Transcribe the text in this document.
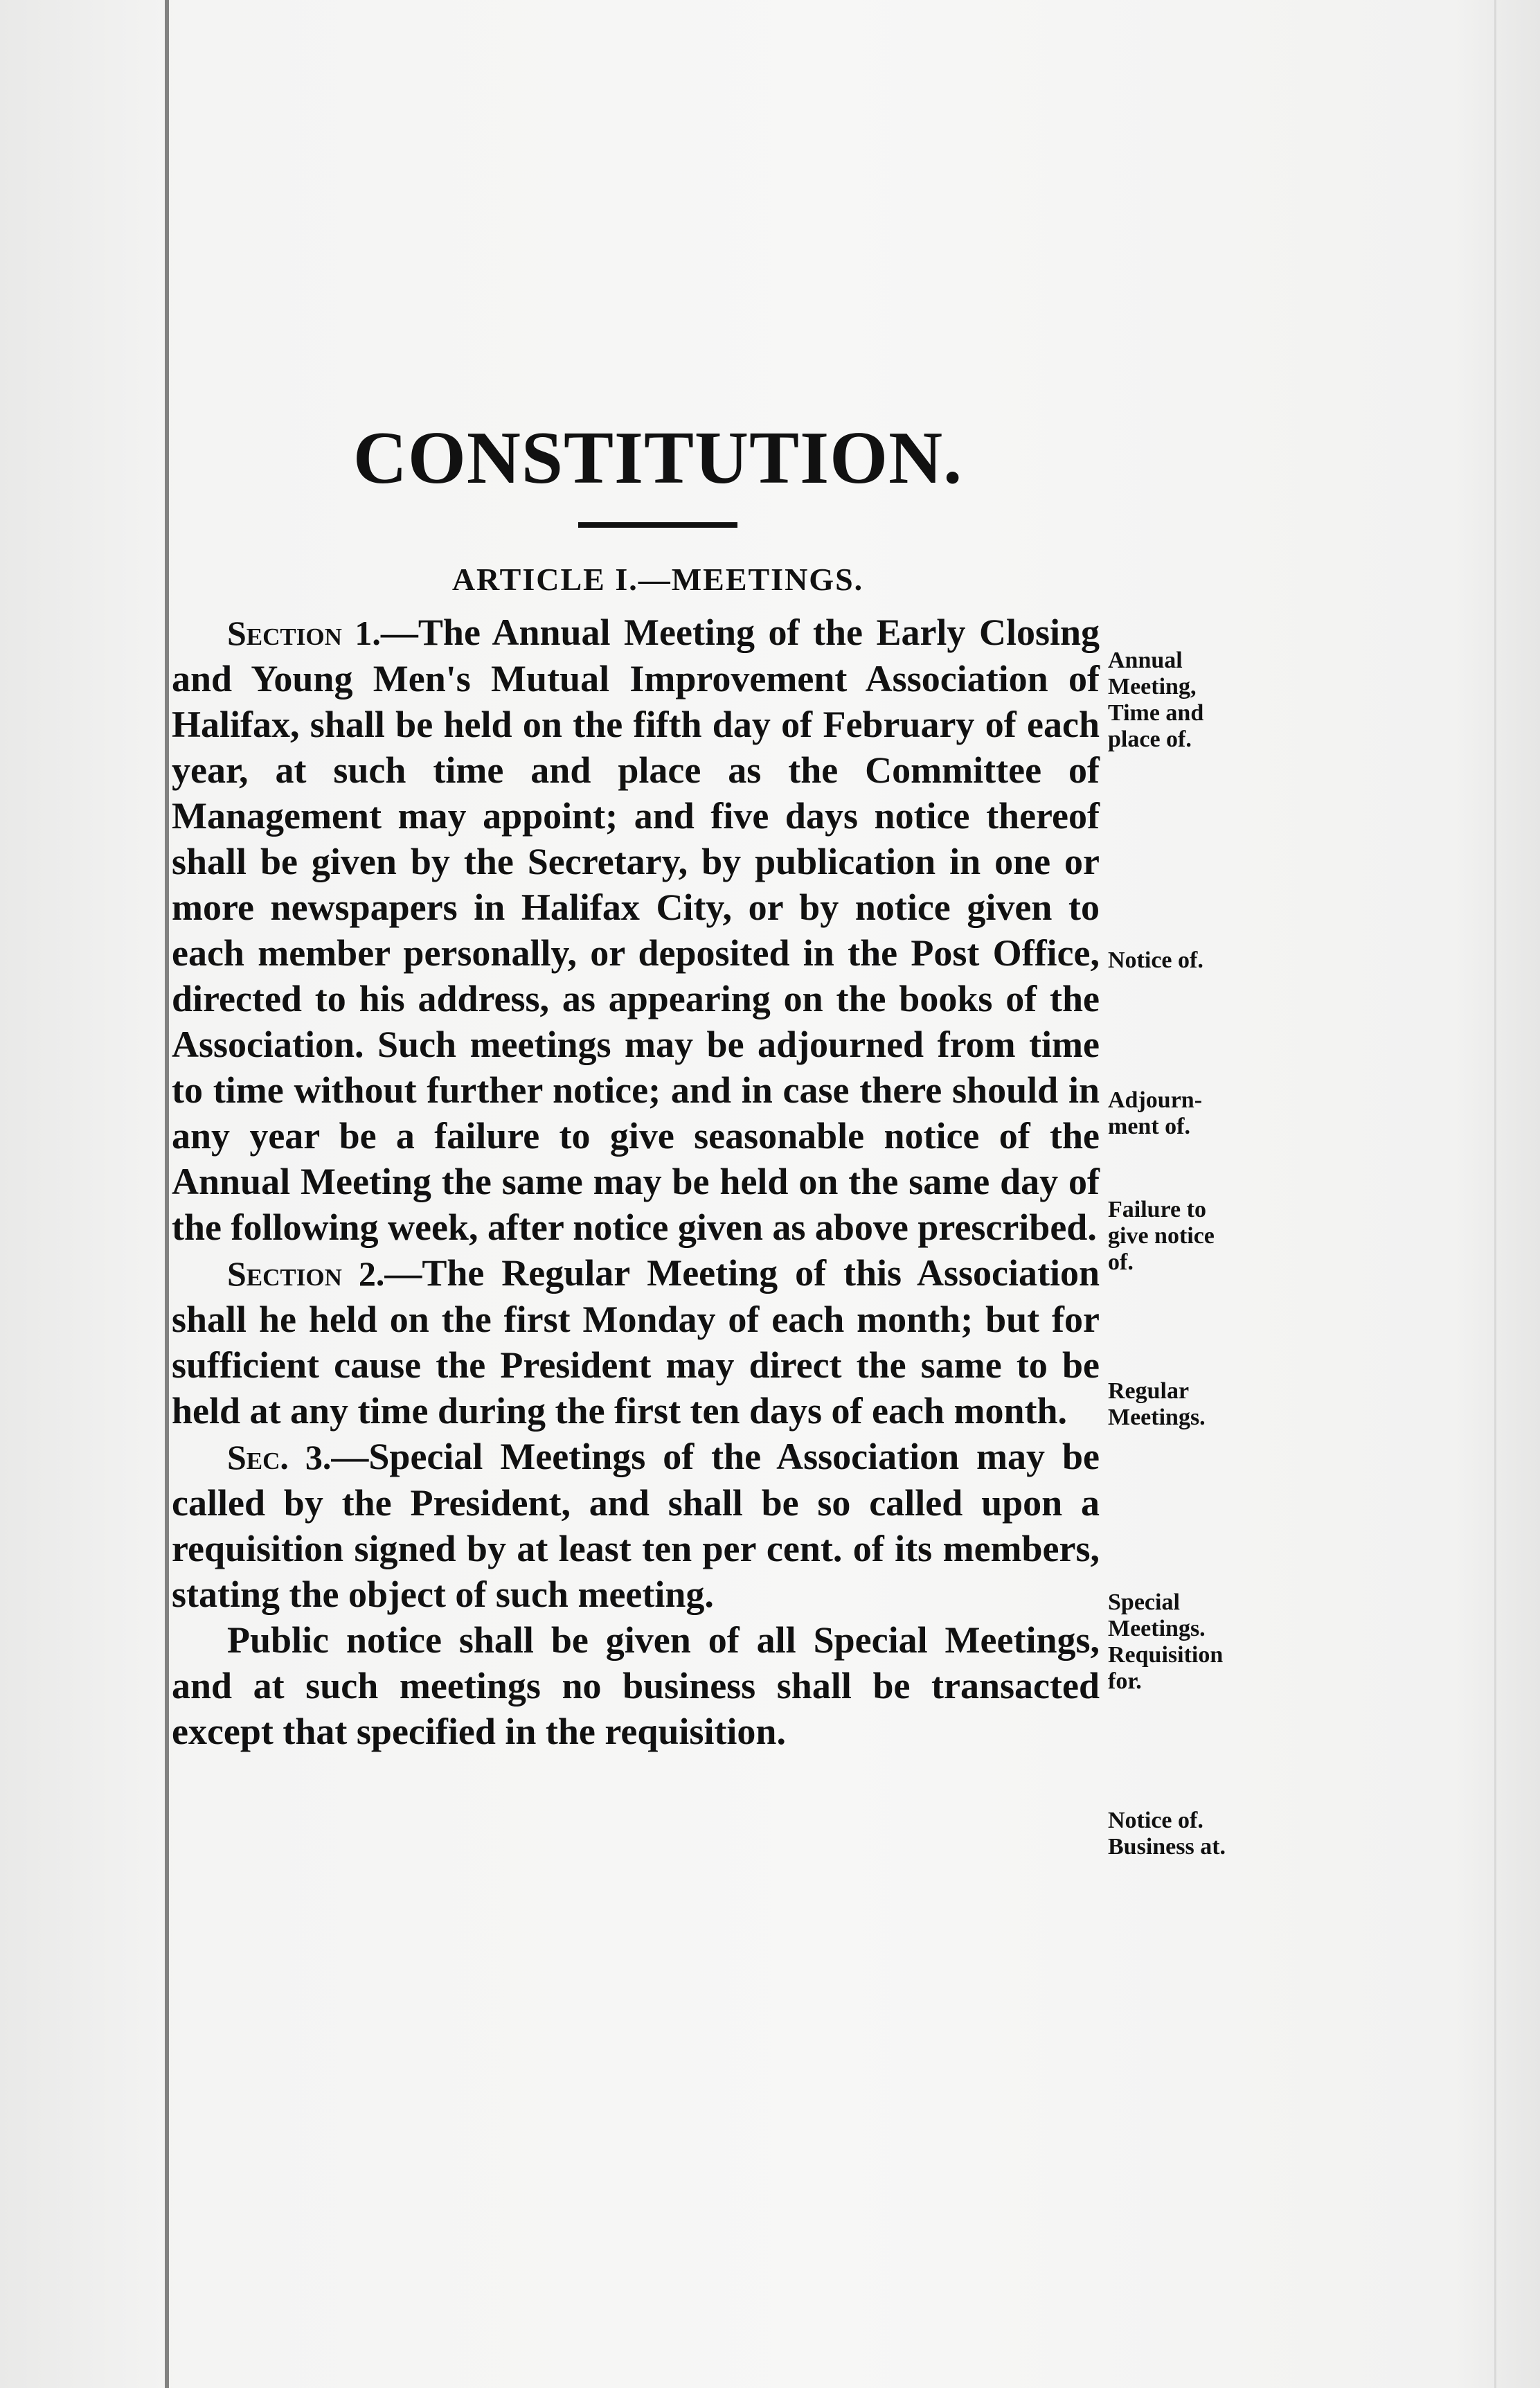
CONSTITUTION.
ARTICLE I.—MEETINGS.

Section 1.—The Annual Meeting of the Early Closing and Young Men's Mutual Improvement Association of Halifax, shall be held on the fifth day of February of each year, at such time and place as the Committee of Management may appoint; and five days notice thereof shall be given by the Secretary, by publication in one or more newspapers in Halifax City, or by notice given to each member personally, or deposited in the Post Office, directed to his address, as appearing on the books of the Association. Such meetings may be adjourned from time to time without further notice; and in case there should in any year be a failure to give seasonable notice of the Annual Meeting the same may be held on the same day of the following week, after notice given as above prescribed.

Section 2.—The Regular Meeting of this Association shall he held on the first Monday of each month; but for sufficient cause the President may direct the same to be held at any time during the first ten days of each month.

Sec. 3.—Special Meetings of the Association may be called by the President, and shall be so called upon a requisition signed by at least ten per cent. of its members, stating the object of such meeting.

Public notice shall be given of all Special Meetings, and at such meetings no business shall be transacted except that specified in the requisition.

Annual
Meeting,
Time and
place of.
Notice of.
Adjourn-
ment of.
Failure to
give notice
of.
Regular
Meetings.
Special
Meetings.
Requisition
for.
Notice of.
Business at.
